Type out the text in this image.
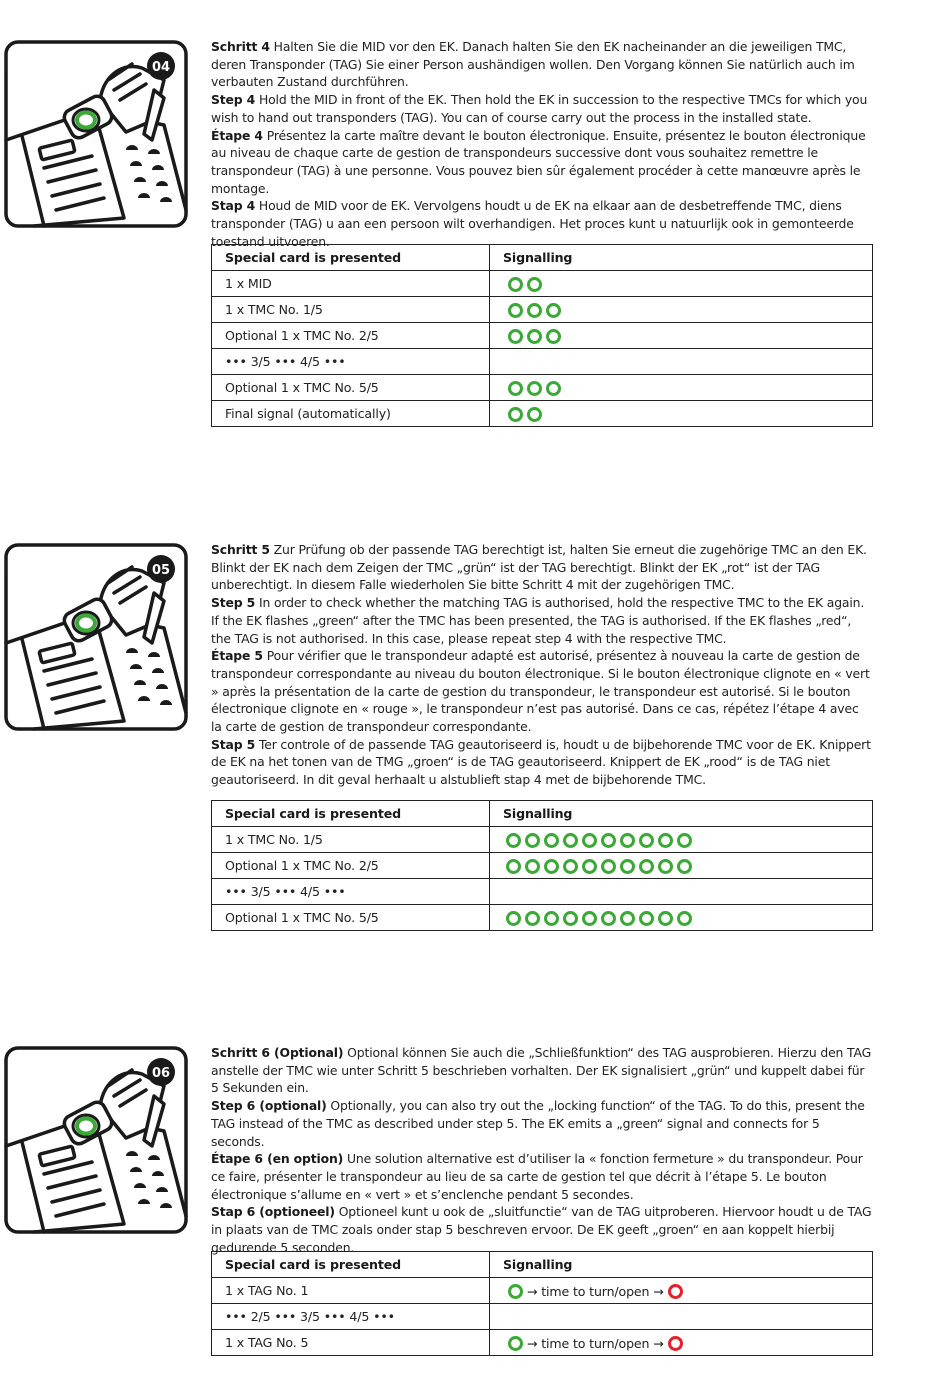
04

Schritt 4 Halten Sie die MID vor den EK. Danach halten Sie den EK nacheinander an die jeweiligen TMC, deren Transponder (TAG) Sie einer Person aushändigen wollen. Den Vorgang können Sie natürlich auch im verbauten Zustand durchführen.

Step 4 Hold the MID in front of the EK. Then hold the EK in succession to the respective TMCs for which you wish to hand out transponders (TAG). You can of course carry out the process in the installed state.

Étape 4 Présentez la carte maître devant le bouton électronique. Ensuite, présentez le bouton électronique au niveau de chaque carte de gestion de transpondeurs successive dont vous souhaitez remettre le transpondeur (TAG) à une personne. Vous pouvez bien sûr également procéder à cette manœuvre après le montage.

Stap 4 Houd de MID voor de EK. Vervolgens houdt u de EK na elkaar aan de desbetreffende TMC, diens transponder (TAG) u aan een persoon wilt overhandigen. Het proces kunt u natuurlijk ook in gemonteerde toestand uitvoeren.

Special card is presented	Signalling
1 x MID	

1 x TMC No. 1/5	

Optional 1 x TMC No. 2/5	

••• 3/5 ••• 4/5 •••	
Optional 1 x TMC No. 5/5	

Final signal (automatically)	
05

Schritt 5 Zur Prüfung ob der passende TAG berechtigt ist, halten Sie erneut die zugehörige TMC an den EK. Blinkt der EK nach dem Zeigen der TMC „grün“ ist der TAG berechtigt. Blinkt der EK „rot“ ist der TAG unberechtigt. In diesem Falle wiederholen Sie bitte Schritt 4 mit der zugehörigen TMC.

Step 5 In order to check whether the matching TAG is authorised, hold the respective TMC to the EK again. If the EK flashes „green“ after the TMC has been presented, the TAG is authorised. If the EK flashes „red“, the TAG is not authorised. In this case, please repeat step 4 with the respective TMC.

Étape 5 Pour vérifier que le transpondeur adapté est autorisé, présentez à nouveau la carte de gestion de transpondeur correspondante au niveau du bouton électronique. Si le bouton électronique clignote en « vert » après la présentation de la carte de gestion du transpondeur, le transpondeur est autorisé. Si le bouton électronique clignote en « rouge », le transpondeur n’est pas autorisé. Dans ce cas, répétez l’étape 4 avec la carte de gestion de transpondeur correspondante.

Stap 5 Ter controle of de passende TAG geautoriseerd is, houdt u de bijbehorende TMC voor de EK. Knippert de EK na het tonen van de TMG „groen“ is de TAG geautoriseerd. Knippert de EK „rood“ is de TAG niet geautoriseerd. In dit geval herhaalt u alstublieft stap 4 met de bijbehorende TMC.

Special card is presented	Signalling
1 x TMC No. 1/5	

Optional 1 x TMC No. 2/5	

••• 3/5 ••• 4/5 •••	
Optional 1 x TMC No. 5/5	
06

Schritt 6 (Optional) Optional können Sie auch die „Schließfunktion“ des TAG ausprobieren. Hierzu den TAG anstelle der TMC wie unter Schritt 5 beschrieben vorhalten. Der EK signalisiert „grün“ und kuppelt dabei für 5 Sekunden ein.

Step 6 (optional) Optionally, you can also try out the „locking function“ of the TAG. To do this, present the TAG instead of the TMC as described under step 5. The EK emits a „green“ signal and connects for 5 seconds.

Étape 6 (en option) Une solution alternative est d’utiliser la « fonction fermeture » du transpondeur. Pour ce faire, présenter le transpondeur au lieu de sa carte de gestion tel que décrit à l’étape 5. Le bouton électronique s’allume en « vert » et s’enclenche pendant 5 secondes.

Stap 6 (optioneel) Optioneel kunt u ook de „sluitfunctie“ van de TAG uitproberen. Hiervoor houdt u de TAG in plaats van de TMC zoals onder stap 5 beschreven ervoor. De EK geeft „groen“ en aan koppelt hierbij gedurende 5 seconden.

Special card is presented	Signalling
1 x TAG No. 1	→ time to turn/open →

••• 2/5 ••• 3/5 ••• 4/5 •••	
1 x TAG No. 5	→ time to turn/open →
